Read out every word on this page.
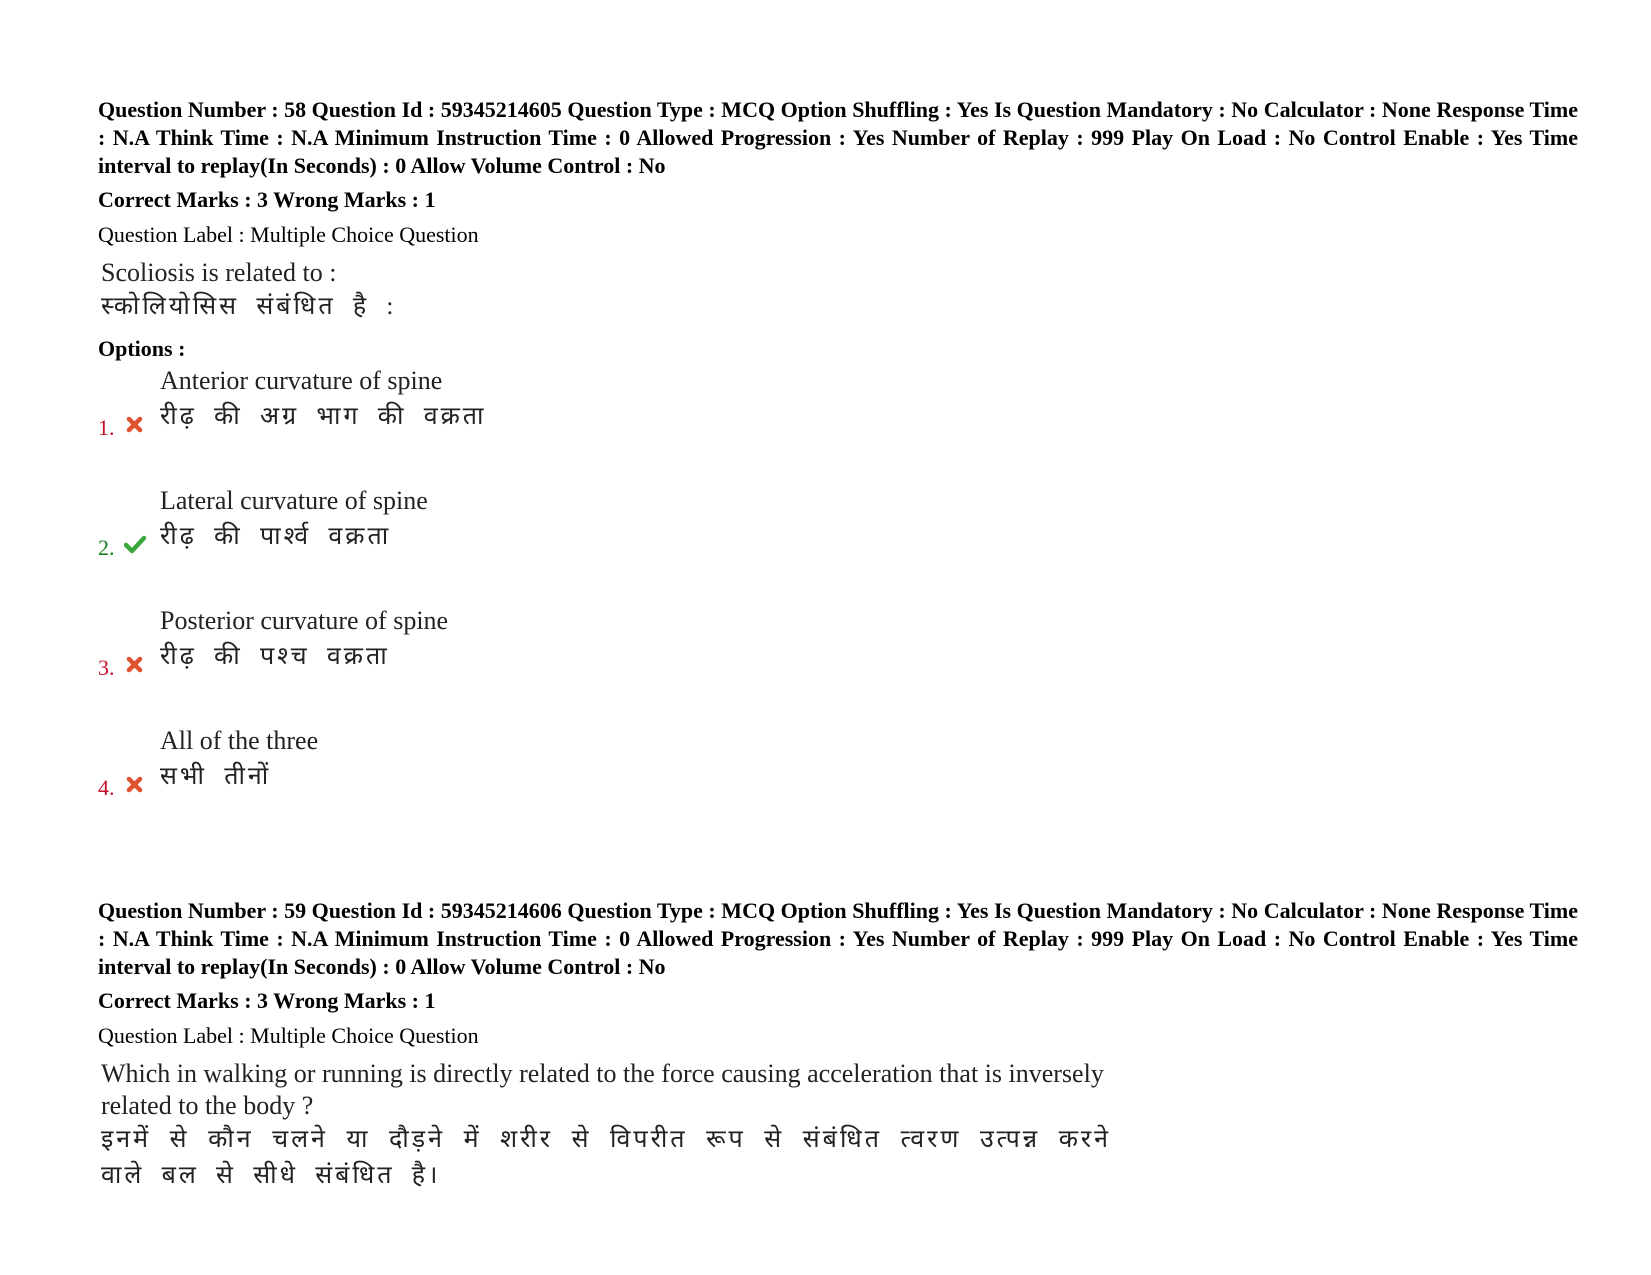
Question Number : 58 Question Id : 59345214605 Question Type : MCQ Option Shuffling : Yes Is Question Mandatory : No Calculator : None Response Time : N.A Think Time : N.A Minimum Instruction Time : 0 Allowed Progression : Yes Number of Replay : 999 Play On Load : No Control Enable : Yes Time interval to replay(In Seconds) : 0 Allow Volume Control : No

Correct Marks : 3 Wrong Marks : 1
Question Label : Multiple Choice Question
Scoliosis is related to :
स्कोलियोसिस संबंधित है :
Options :
1.
Anterior curvature of spine
रीढ़ की अग्र भाग की वक्रता
2.
Lateral curvature of spine
रीढ़ की पार्श्व वक्रता
3.
Posterior curvature of spine
रीढ़ की पश्च वक्रता
4.
All of the three
सभी तीनों

Question Number : 59 Question Id : 59345214606 Question Type : MCQ Option Shuffling : Yes Is Question Mandatory : No Calculator : None Response Time : N.A Think Time : N.A Minimum Instruction Time : 0 Allowed Progression : Yes Number of Replay : 999 Play On Load : No Control Enable : Yes Time interval to replay(In Seconds) : 0 Allow Volume Control : No

Correct Marks : 3 Wrong Marks : 1
Question Label : Multiple Choice Question
Which in walking or running is directly related to the force causing acceleration that is inversely related to the body ?
इनमें से कौन चलने या दौड़ने में शरीर से विपरीत रूप से संबंधित त्वरण उत्पन्न करने वाले बल से सीधे संबंधित है।
